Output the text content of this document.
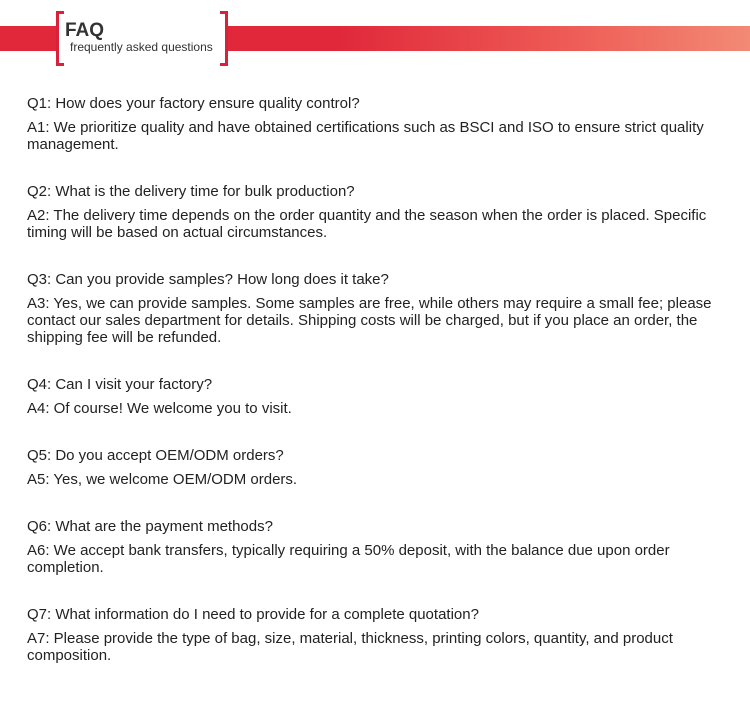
FAQ
frequently asked questions

Q1: How does your factory ensure quality control?

A1: We prioritize quality and have obtained certifications such as BSCI and ISO to ensure strict quality management.

Q2: What is the delivery time for bulk production?

A2: The delivery time depends on the order quantity and the season when the order is placed. Specific timing will be based on actual circumstances.

Q3: Can you provide samples? How long does it take?

A3: Yes, we can provide samples. Some samples are free, while others may require a small fee; please contact our sales department for details. Shipping costs will be charged, but if you place an order, the shipping fee will be refunded.

Q4: Can I visit your factory?

A4: Of course! We welcome you to visit.

Q5: Do you accept OEM/ODM orders?

A5: Yes, we welcome OEM/ODM orders.

Q6: What are the payment methods?

A6: We accept bank transfers, typically requiring a 50% deposit, with the balance due upon order completion.

Q7: What information do I need to provide for a complete quotation?

A7: Please provide the type of bag, size, material, thickness, printing colors, quantity, and product composition.
